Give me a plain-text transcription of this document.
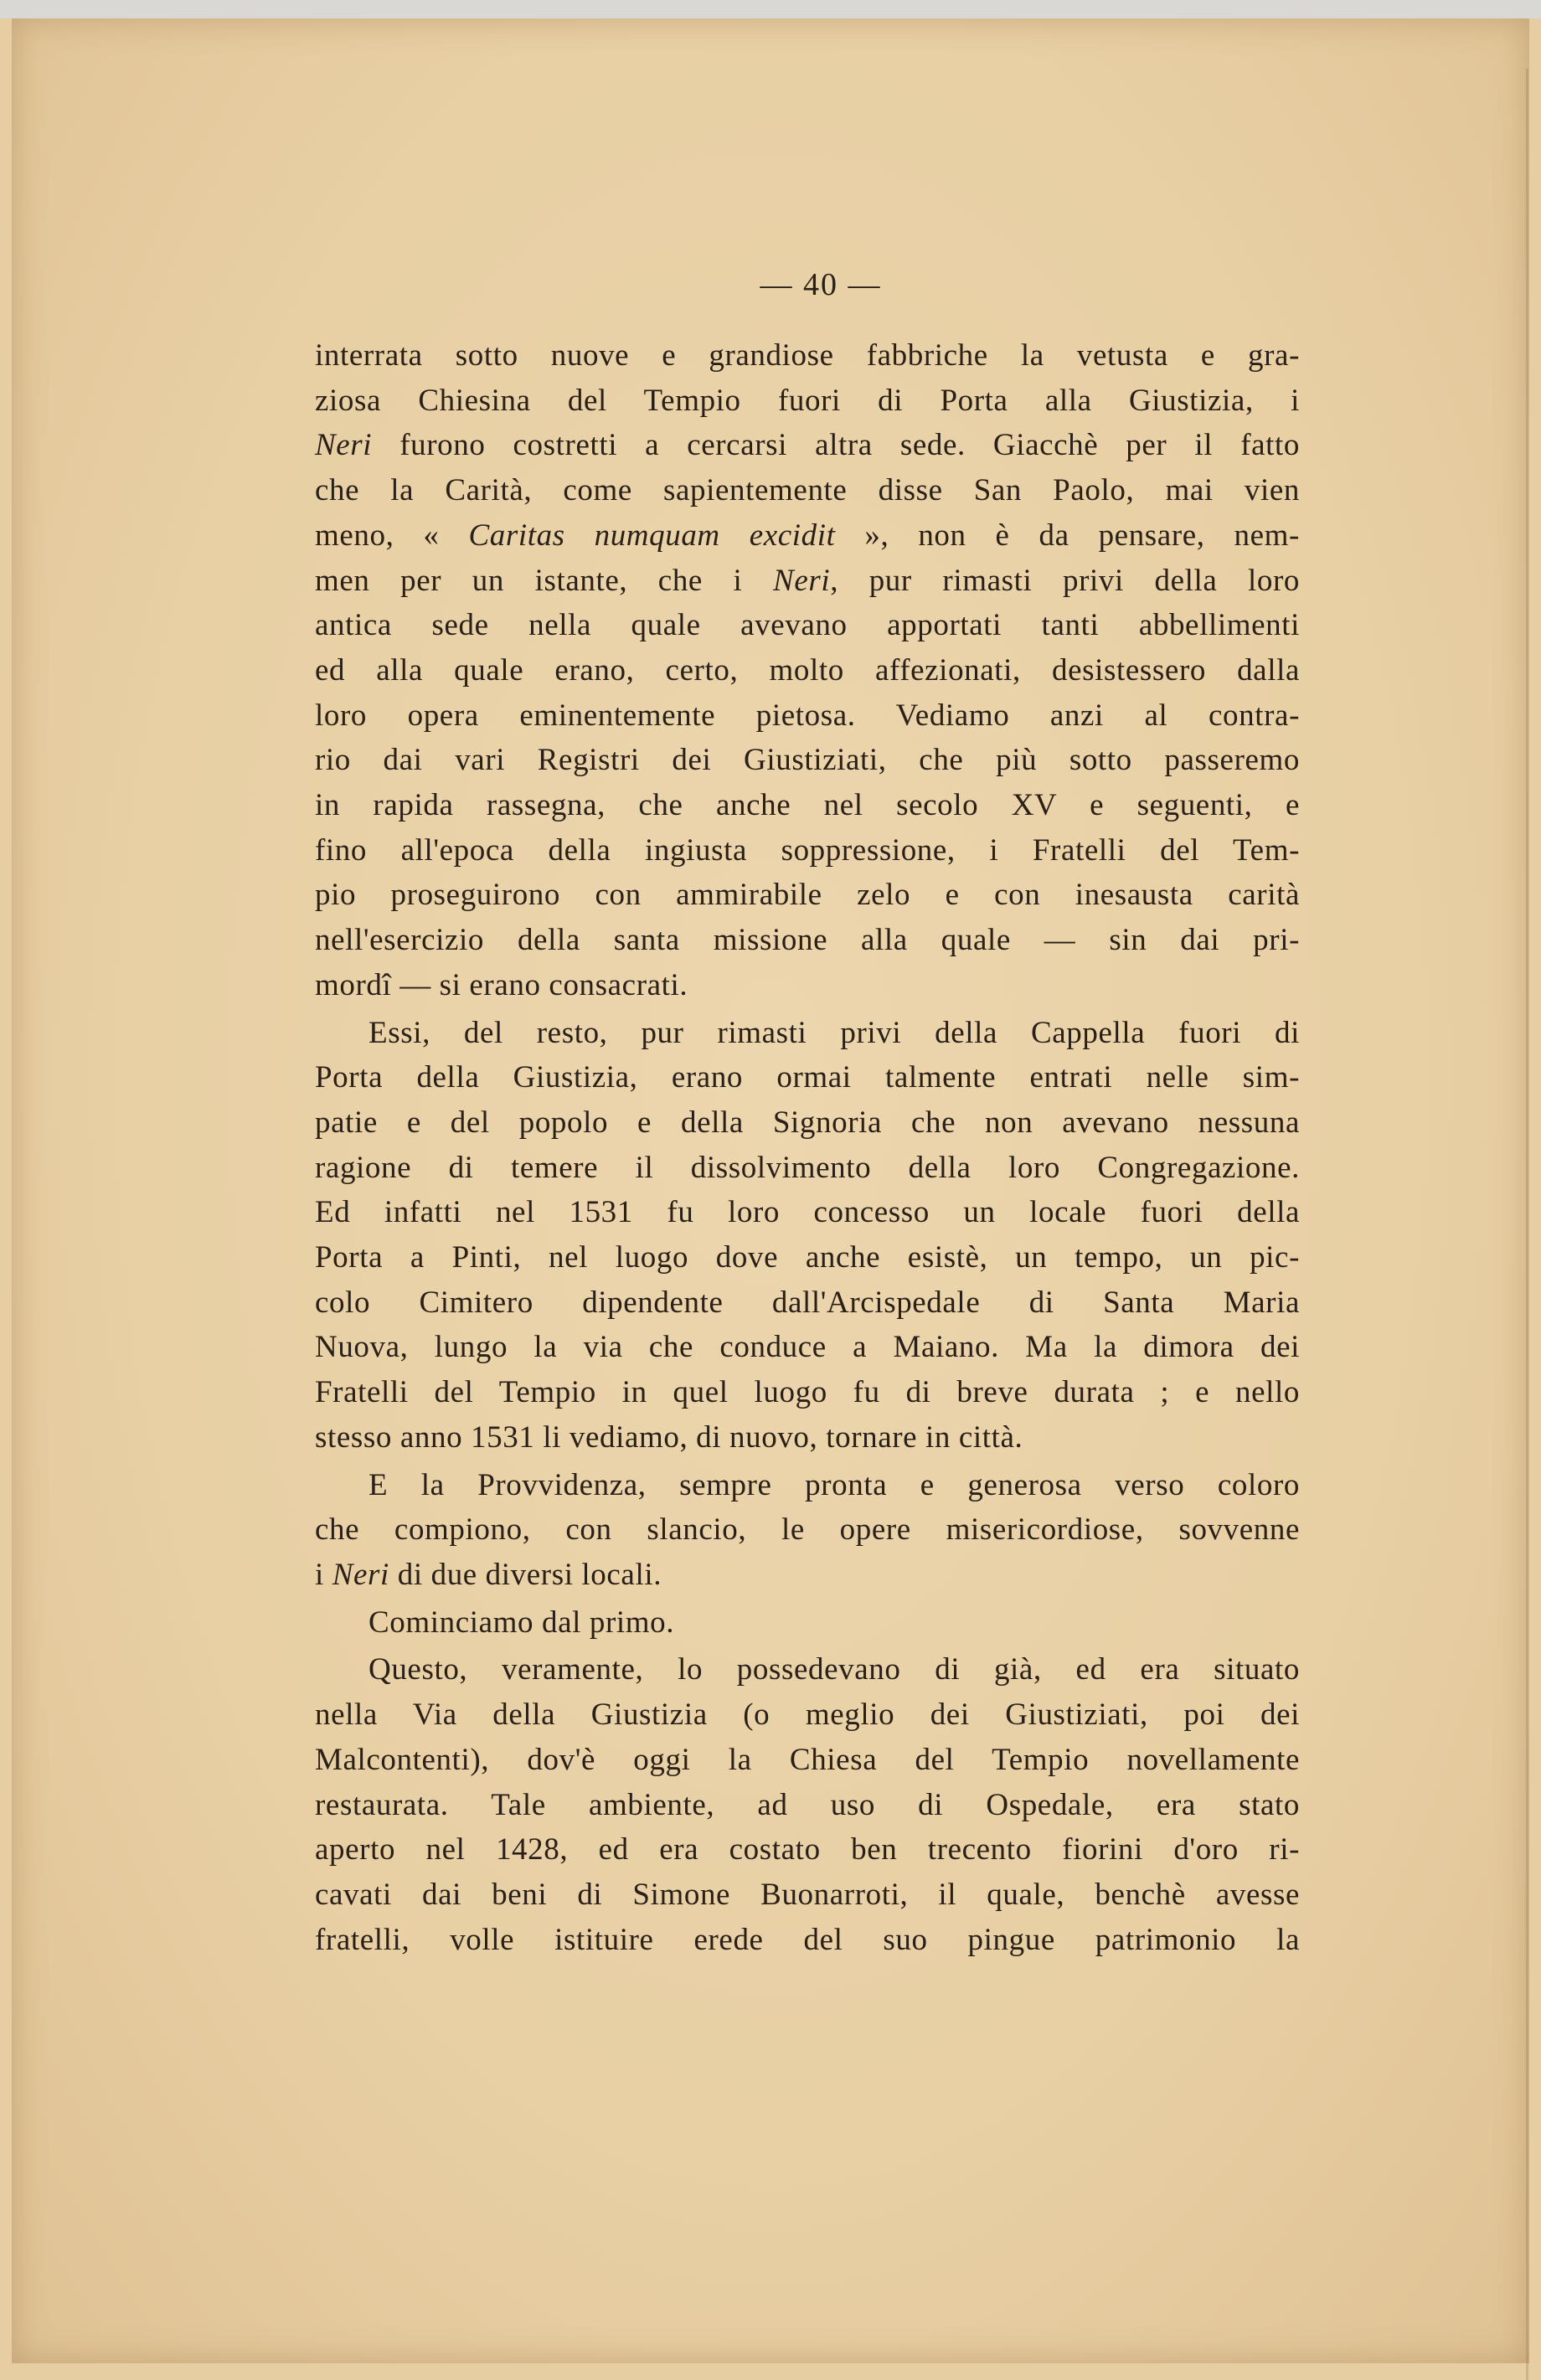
— 40 —
interrata sotto nuove e grandiose fabbriche la vetusta e gra-
ziosa Chiesina del Tempio fuori di Porta alla Giustizia, i
Neri furono costretti a cercarsi altra sede. Giacchè per il fatto
che la Carità, come sapientemente disse San Paolo, mai vien
meno, « Caritas numquam excidit », non è da pensare, nem-
men per un istante, che i Neri, pur rimasti privi della loro
antica sede nella quale avevano apportati tanti abbellimenti
ed alla quale erano, certo, molto affezionati, desistessero dalla
loro opera eminentemente pietosa. Vediamo anzi al contra-
rio dai vari Registri dei Giustiziati, che più sotto passeremo
in rapida rassegna, che anche nel secolo XV e seguenti, e
fino all'epoca della ingiusta soppressione, i Fratelli del Tem-
pio proseguirono con ammirabile zelo e con inesausta carità
nell'esercizio della santa missione alla quale — sin dai pri-
mordî — si erano consacrati.
Essi, del resto, pur rimasti privi della Cappella fuori di
Porta della Giustizia, erano ormai talmente entrati nelle sim-
patie e del popolo e della Signoria che non avevano nessuna
ragione di temere il dissolvimento della loro Congregazione.
Ed infatti nel 1531 fu loro concesso un locale fuori della
Porta a Pinti, nel luogo dove anche esistè, un tempo, un pic-
colo Cimitero dipendente dall'Arcispedale di Santa Maria
Nuova, lungo la via che conduce a Maiano. Ma la dimora dei
Fratelli del Tempio in quel luogo fu di breve durata ; e nello
stesso anno 1531 li vediamo, di nuovo, tornare in città.
E la Provvidenza, sempre pronta e generosa verso coloro
che compiono, con slancio, le opere misericordiose, sovvenne
i Neri di due diversi locali.
Cominciamo dal primo.
Questo, veramente, lo possedevano di già, ed era situato
nella Via della Giustizia (o meglio dei Giustiziati, poi dei
Malcontenti), dov'è oggi la Chiesa del Tempio novellamente
restaurata. Tale ambiente, ad uso di Ospedale, era stato
aperto nel 1428, ed era costato ben trecento fiorini d'oro ri-
cavati dai beni di Simone Buonarroti, il quale, benchè avesse
fratelli, volle istituire erede del suo pingue patrimonio la
